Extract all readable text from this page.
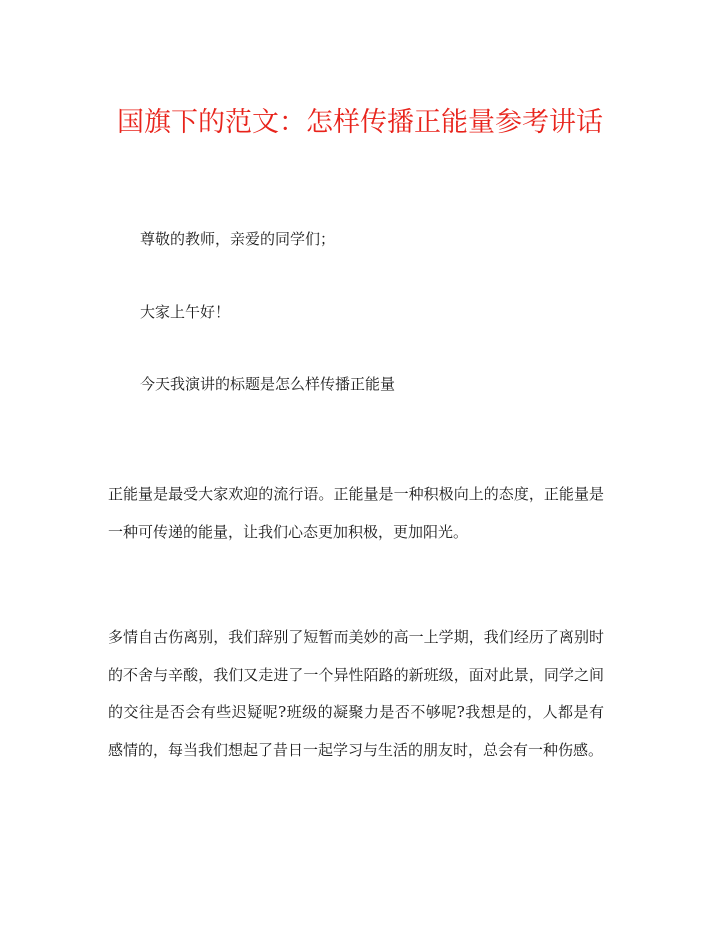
国旗下的范文：怎样传播正能量参考讲话
尊敬的教师，亲爱的同学们；
大家上午好！
今天我演讲的标题是怎么样传播正能量
正能量是最受大家欢迎的流行语。正能量是一种积极向上的态度，正能量是一种可传递的能量，让我们心态更加积极，更加阳光。
多情自古伤离别，我们辞别了短暂而美妙的高一上学期，我们经历了离别时的不舍与辛酸，我们又走进了一个异性陌路的新班级，面对此景，同学之间的交往是否会有些迟疑呢?班级的凝聚力是否不够呢?我想是的，人都是有感情的，每当我们想起了昔日一起学习与生活的朋友时，总会有一种伤感。
